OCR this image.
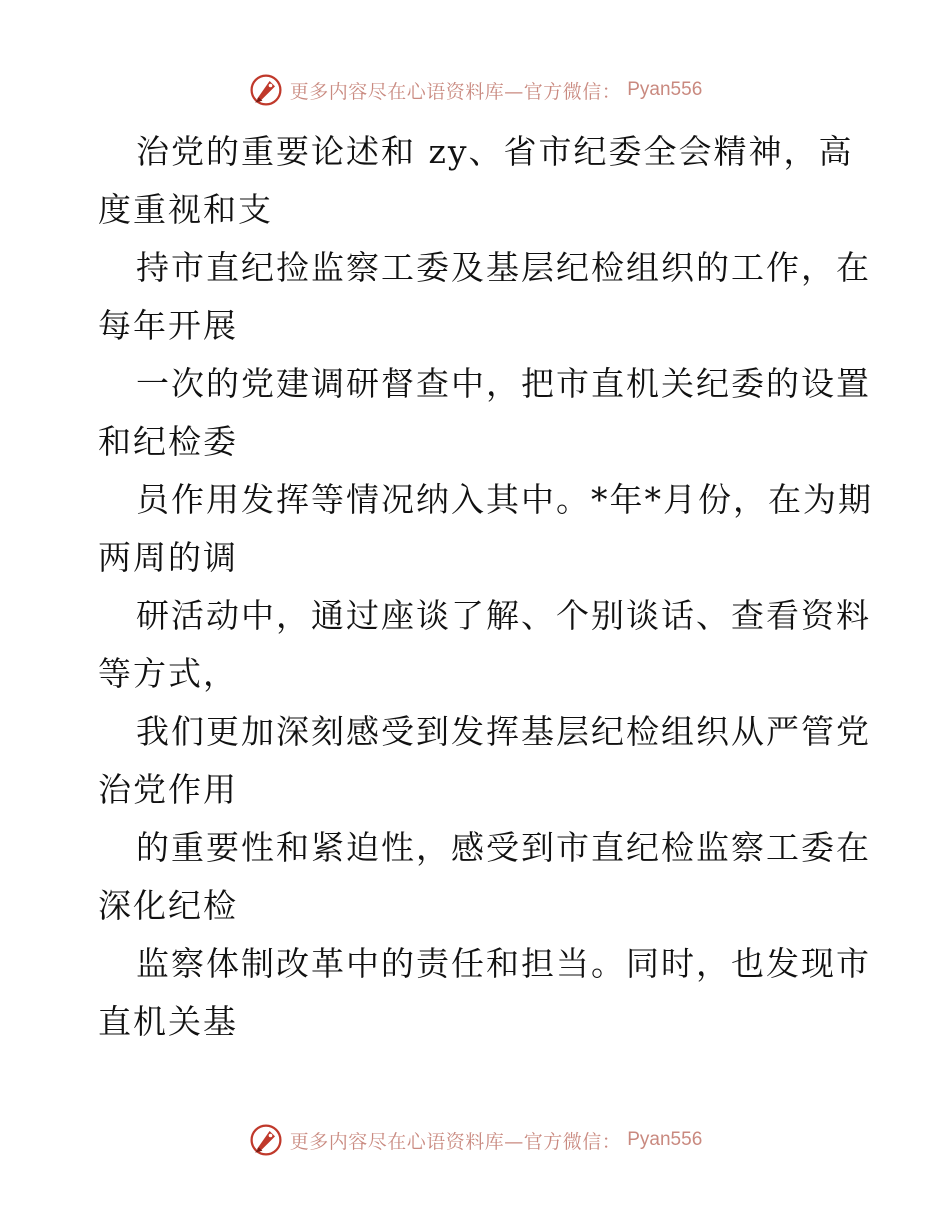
更多内容尽在心语资料库—官方微信： Pyan556
治党的重要论述和 zy、省市纪委全会精神，高
度重视和支
持市直纪捡监察工委及基层纪检组织的工作，在
每年开展
一次的党建调研督查中，把市直机关纪委的设置
和纪检委
员作用发挥等情况纳入其中。*年*月份，在为期
两周的调
研活动中，通过座谈了解、个别谈话、查看资料
等方式，
我们更加深刻感受到发挥基层纪检组织从严管党
治党作用
的重要性和紧迫性，感受到市直纪检监察工委在
深化纪检
监察体制改革中的责任和担当。同时，也发现市
直机关基
更多内容尽在心语资料库—官方微信： Pyan556
